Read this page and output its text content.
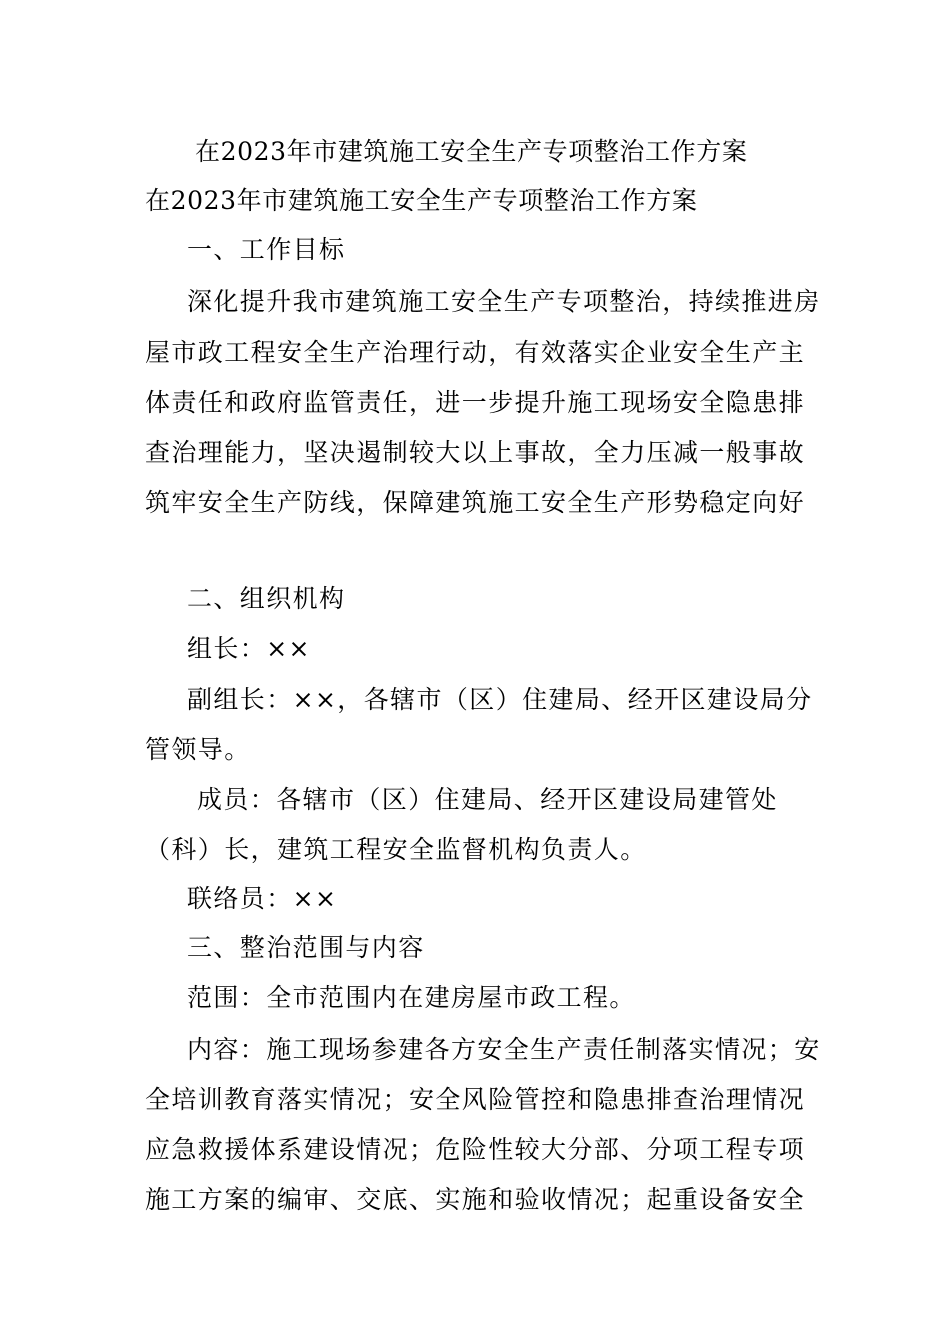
在2023年市建筑施工安全生产专项整治工作方案
在2023年市建筑施工安全生产专项整治工作方案
一、工作目标
深化提升我市建筑施工安全生产专项整治，持续推进房
屋市政工程安全生产治理行动，有效落实企业安全生产主
体责任和政府监管责任，进一步提升施工现场安全隐患排
查治理能力，坚决遏制较大以上事故，全力压减一般事故
筑牢安全生产防线，保障建筑施工安全生产形势稳定向好
二、组织机构
组长：××
副组长：××，各辖市（区）住建局、经开区建设局分
管领导。
成员：各辖市（区）住建局、经开区建设局建管处
（科）长，建筑工程安全监督机构负责人。
联络员：××
三、整治范围与内容
范围：全市范围内在建房屋市政工程。
内容：施工现场参建各方安全生产责任制落实情况；安
全培训教育落实情况；安全风险管控和隐患排查治理情况
应急救援体系建设情况；危险性较大分部、分项工程专项
施工方案的编审、交底、实施和验收情况；起重设备安全
